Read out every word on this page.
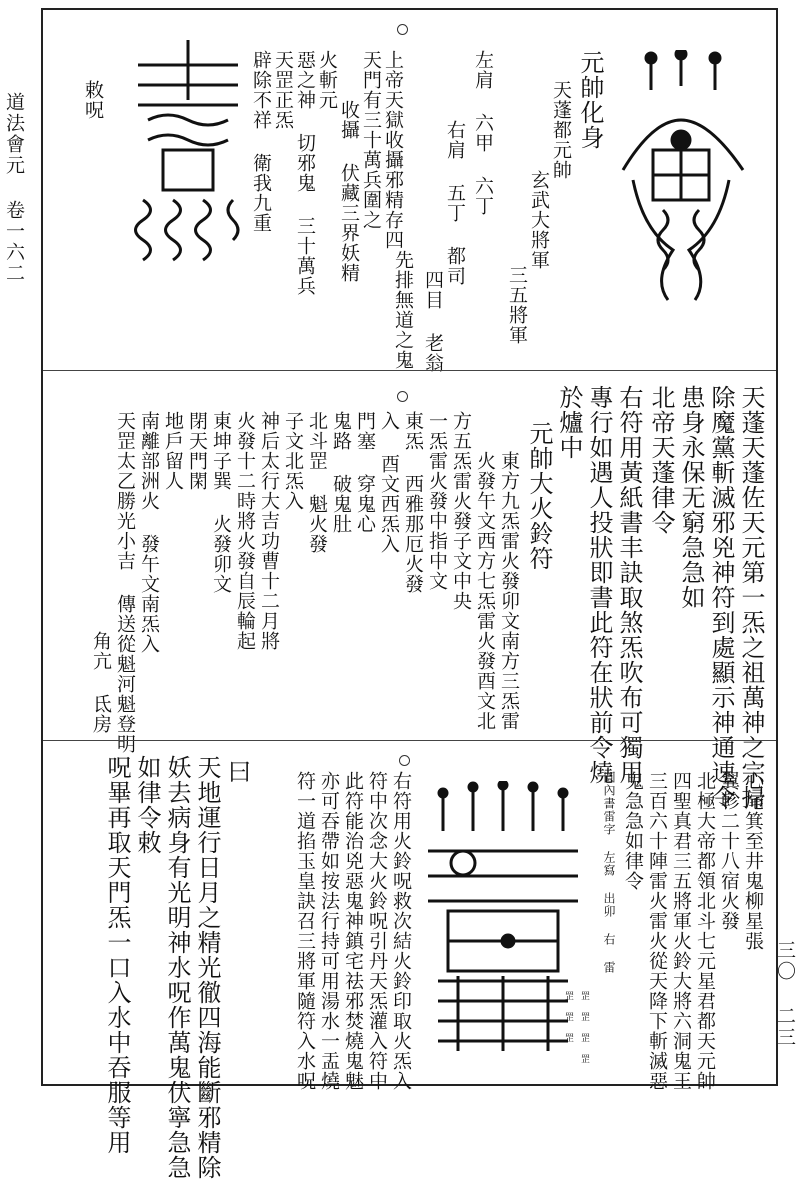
道法會元 卷一六二
三〇 二三
元帥化身
天蓬都元帥
玄武大將軍
三五將軍
左肩 六甲 六丁
右肩 五丁 都司
四目 老翁
上帝天獄收攝邪精存四
天門有三十萬兵圍之
先排無道之鬼
收攝 伏藏三界妖精
火斬元
惡之神 切邪鬼 三十萬兵
天罡正炁
辟除不祥 衛我九重
敕呪
天蓬天蓬佐天元第一炁之祖萬神之宗掃
除魔黨斬滅邪兇神符到處顯示神通速令
患身永保无窮急急如
北帝天蓬律令
右符用黃紙書丰訣取煞炁吹布可獨用
專行如遇人投狀即書此符在狀前令燒
於爐中
元帥大火鈴符
東方九炁雷火發卯文南方三炁雷
火發午文西方七炁雷火發酉文北
方五炁雷火發子文中央
一炁雷火發中指中文
東炁 西雅那厄火發
入 酉文西炁入
門塞 穿鬼心
鬼路 破鬼肚
北斗罡 魁火發
子文北炁入
神后太行大吉功曹十二月將
火發十二時將火發自辰輪起
東坤子巽 火發卯文
閉天門閑
地戶留人
南離部洲火 發午文南炁入
天罡太乙勝光小吉 傳送從魁河魁登明
角亢 氐房
心尾箕至井鬼柳星張
翼軫二十八宿火發
北極大帝都領北斗七元星君都天元帥
四聖真君三五將軍火鈴大將六洞鬼王
三百六十陣雷火雷火從天降下斬滅惡
鬼急急如律令
圓內書雷字 左寫 出卯 右 雷
右符用火鈴呪救次結火鈴印取火炁入
符中次念大火鈴呪引丹天炁灌入符中
此符能治兇惡鬼神鎮宅祛邪焚燒鬼魅
亦可吞帶如按法行持可用湯水一盂燒
符一道掐玉皇訣召三將軍隨符入水呪
曰
天地運行日月之精光徹四海能斷邪精除
妖去病身有光明神水呪作萬鬼伏寧急急
如律令敕
呪畢再取天門炁一口入水中吞服等用	罡 罡 罡 罡
罡 罡 罡
